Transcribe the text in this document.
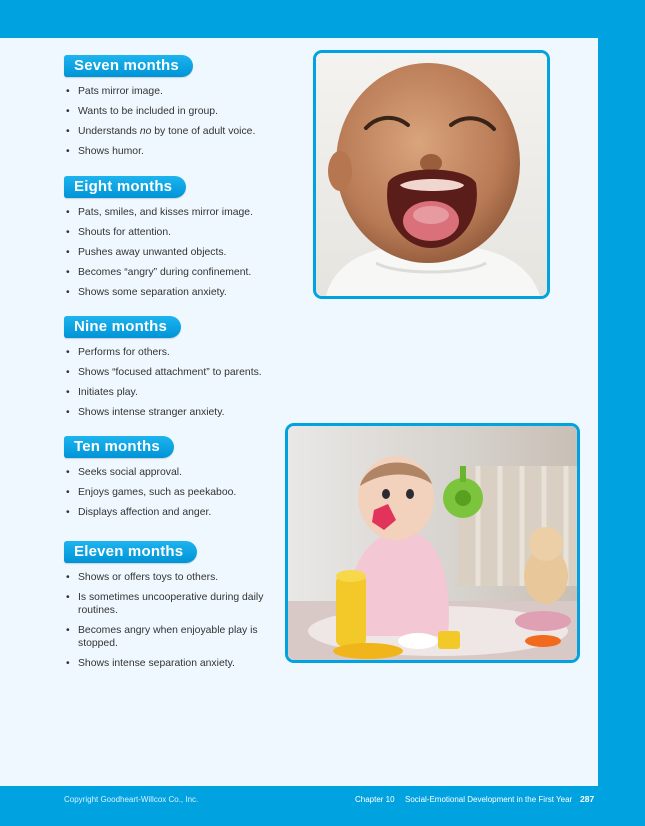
Seven months
• Pats mirror image.
• Wants to be included in group.
• Understands no by tone of adult voice.
• Shows humor.
Eight months
• Pats, smiles, and kisses mirror image.
• Shouts for attention.
• Pushes away unwanted objects.
• Becomes “angry” during confinement.
• Shows some separation anxiety.
Nine months
• Performs for others.
• Shows “focused attachment” to parents.
• Initiates play.
• Shows intense stranger anxiety.
Ten months
• Seeks social approval.
• Enjoys games, such as peekaboo.
• Displays affection and anger.
Eleven months
• Shows or offers toys to others.
• Is sometimes uncooperative during daily routines.
• Becomes angry when enjoyable play is stopped.
• Shows intense separation anxiety.
Copyright Goodheart-Willcox Co., Inc.	Chapter 10 Social-Emotional Development in the First Year 287
